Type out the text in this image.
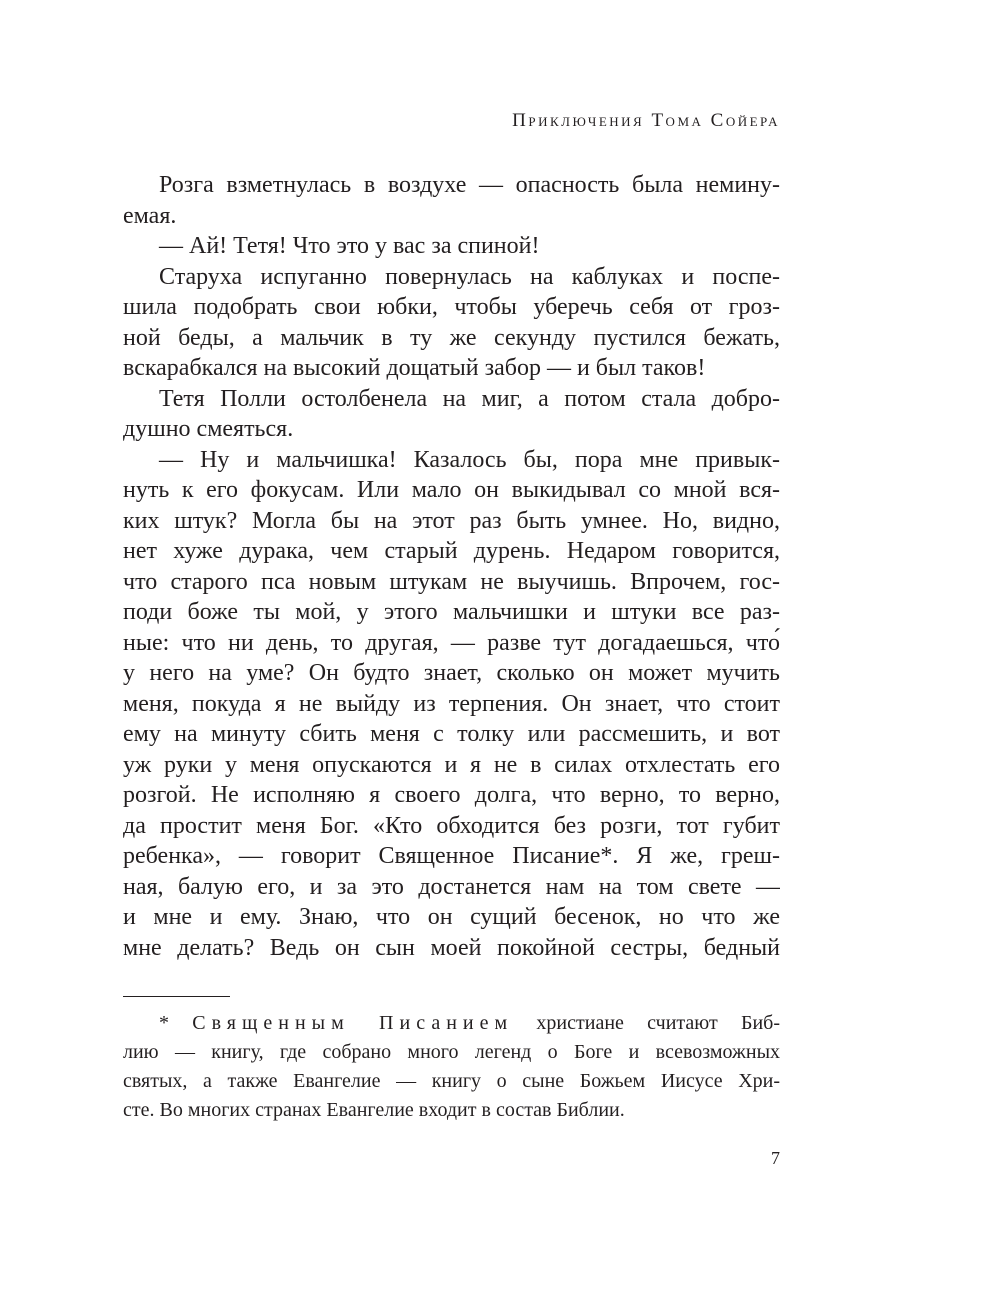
Приключения Тома Сойера
Розга взметнулась в воздухе — опасность была немину-
емая.
— Ай! Тетя! Что это у вас за спиной!
Старуха испуганно повернулась на каблуках и поспе-
шила подобрать свои юбки, чтобы уберечь себя от гроз-
ной беды, а мальчик в ту же секунду пустился бежать,
вскарабкался на высокий дощатый забор — и был таков!
Тетя Полли остолбенела на миг, а потом стала добро-
душно смеяться.
— Ну и мальчишка! Казалось бы, пора мне привык-
нуть к его фокусам. Или мало он выкидывал со мной вся-
ких штук? Могла бы на этот раз быть умнее. Но, видно,
нет хуже дурака, чем старый дурень. Недаром говорится,
что старого пса новым штукам не выучишь. Впрочем, гос-
поди боже ты мой, у этого мальчишки и штуки все раз-
ные: что ни день, то другая, — разве тут догадаешься, что́
у него на уме? Он будто знает, сколько он может мучить
меня, покуда я не выйду из терпения. Он знает, что стоит
ему на минуту сбить меня с толку или рассмешить, и вот
уж руки у меня опускаются и я не в силах отхлестать его
розгой. Не исполняю я своего долга, что верно, то верно,
да простит меня Бог. «Кто обходится без розги, тот губит
ребенка», — говорит Священное Писание*. Я же, греш-
ная, балую его, и за это достанется нам на том свете —
и мне и ему. Знаю, что он сущий бесенок, но что же
мне делать? Ведь он сын моей покойной сестры, бедный
* Священным Писанием христиане считают Биб-
лию — книгу, где собрано много легенд о Боге и всевозможных
святых, а также Евангелие — книгу о сыне Божьем Иисусе Хри-
сте. Во многих странах Евангелие входит в состав Библии.
7
